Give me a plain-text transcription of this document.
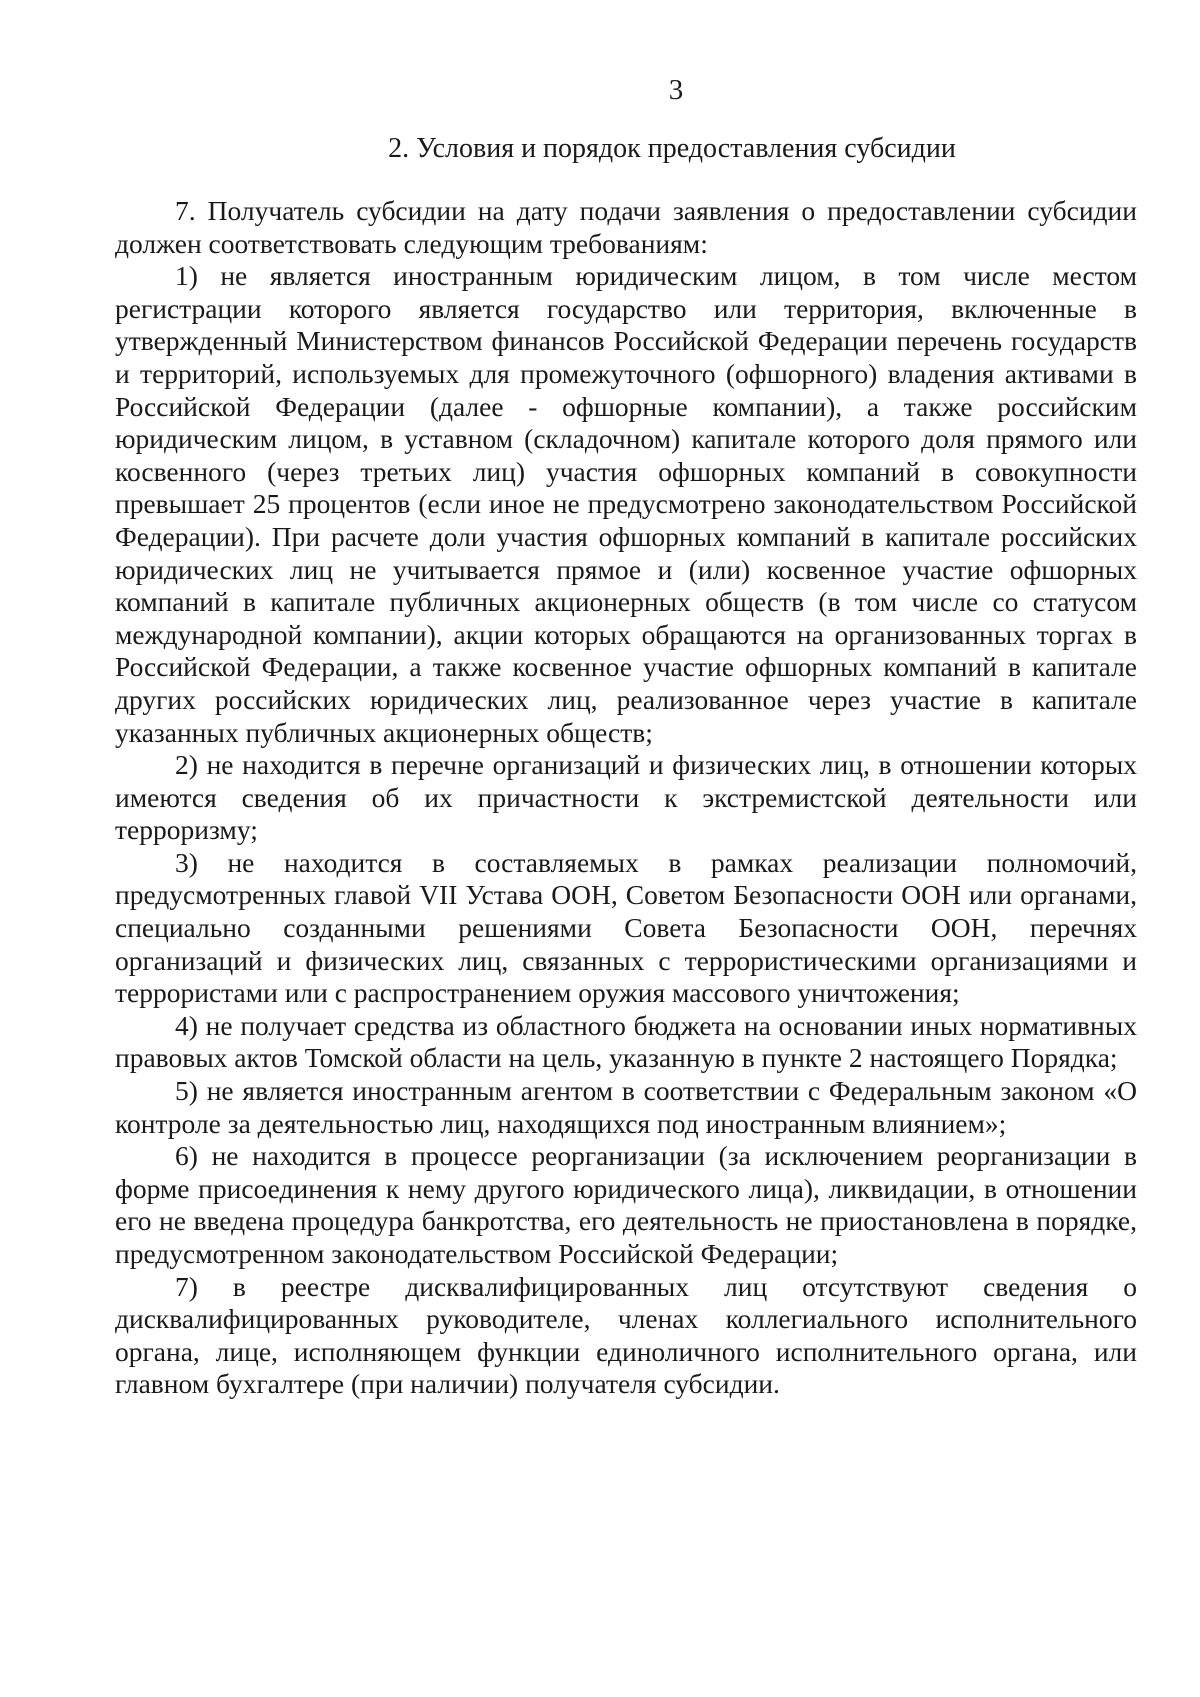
3
2. Условия и порядок предоставления субсидии

7. Получатель субсидии на дату подачи заявления о предоставлении субсидии должен соответствовать следующим требованиям:

1) не является иностранным юридическим лицом, в том числе местом регистрации которого является государство или территория, включенные в утвержденный Министерством финансов Российской Федерации перечень государств и территорий, используемых для промежуточного (офшорного) владения активами в Российской Федерации (далее - офшорные компании), а также российским юридическим лицом, в уставном (складочном) капитале которого доля прямого или косвенного (через третьих лиц) участия офшорных компаний в совокупности превышает 25 процентов (если иное не предусмотрено законодательством Российской Федерации). При расчете доли участия офшорных компаний в капитале российских юридических лиц не учитывается прямое и (или) косвенное участие офшорных компаний в капитале публичных акционерных обществ (в том числе со статусом международной компании), акции которых обращаются на организованных торгах в Российской Федерации, а также косвенное участие офшорных компаний в капитале других российских юридических лиц, реализованное через участие в капитале указанных публичных акционерных обществ;

2) не находится в перечне организаций и физических лиц, в отношении которых имеются сведения об их причастности к экстремистской деятельности или терроризму;

3) не находится в составляемых в рамках реализации полномочий, предусмотренных главой VII Устава ООН, Советом Безопасности ООН или органами, специально созданными решениями Совета Безопасности ООН, перечнях организаций и физических лиц, связанных с террористическими организациями и террористами или с распространением оружия массового уничтожения;

4) не получает средства из областного бюджета на основании иных нормативных правовых актов Томской области на цель, указанную в пункте 2 настоящего Порядка;

5) не является иностранным агентом в соответствии с Федеральным законом «О контроле за деятельностью лиц, находящихся под иностранным влиянием»;

6) не находится в процессе реорганизации (за исключением реорганизации в форме присоединения к нему другого юридического лица), ликвидации, в отношении его не введена процедура банкротства, его деятельность не приостановлена в порядке, предусмотренном законодательством Российской Федерации;

7) в реестре дисквалифицированных лиц отсутствуют сведения о дисквалифицированных руководителе, членах коллегиального исполнительного органа, лице, исполняющем функции единоличного исполнительного органа, или главном бухгалтере (при наличии) получателя субсидии.
